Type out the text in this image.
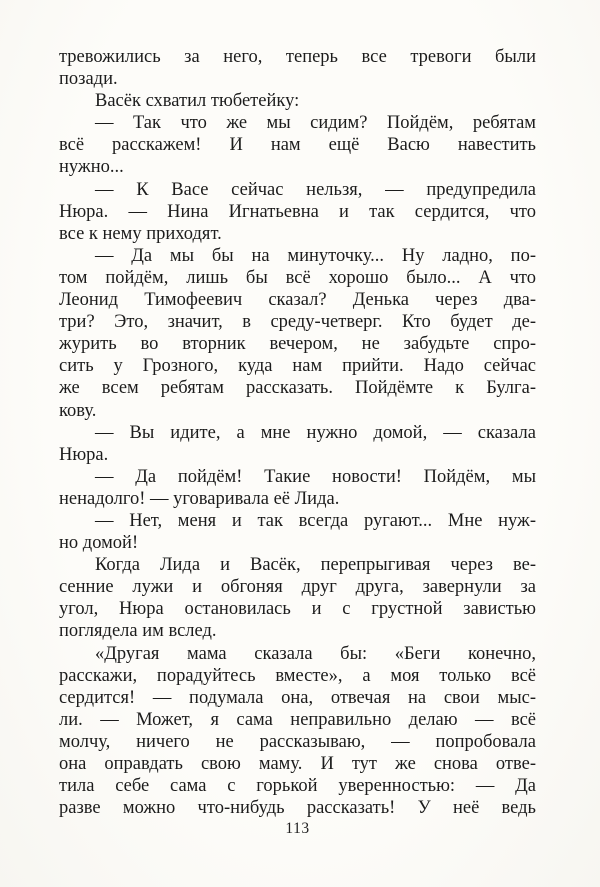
тревожились за него, теперь все тревоги были
позади.
Васёк схватил тюбетейку:
— Так что же мы сидим? Пойдём, ребятам
всё расскажем! И нам ещё Васю навестить
нужно...
— К Васе сейчас нельзя, — предупредила
Нюра. — Нина Игнатьевна и так сердится, что
все к нему приходят.
— Да мы бы на минуточку... Ну ладно, по-
том пойдём, лишь бы всё хорошо было... А что
Леонид Тимофеевич сказал? Денька через два-
три? Это, значит, в среду-четверг. Кто будет де-
журить во вторник вечером, не забудьте спро-
сить у Грозного, куда нам прийти. Надо сейчас
же всем ребятам рассказать. Пойдёмте к Булга-
кову.
— Вы идите, а мне нужно домой, — сказала
Нюра.
— Да пойдём! Такие новости! Пойдём, мы
ненадолго! — уговаривала её Лида.
— Нет, меня и так всегда ругают... Мне нуж-
но домой!
Когда Лида и Васёк, перепрыгивая через ве-
сенние лужи и обгоняя друг друга, завернули за
угол, Нюра остановилась и с грустной завистью
поглядела им вслед.
«Другая мама сказала бы: «Беги конечно,
расскажи, порадуйтесь вместе», а моя только всё
сердится! — подумала она, отвечая на свои мыс-
ли. — Может, я сама неправильно делаю — всё
молчу, ничего не рассказываю, — попробовала
она оправдать свою маму. И тут же снова отве-
тила себе сама с горькой уверенностью: — Да
разве можно что-нибудь рассказать! У неё ведь
113
